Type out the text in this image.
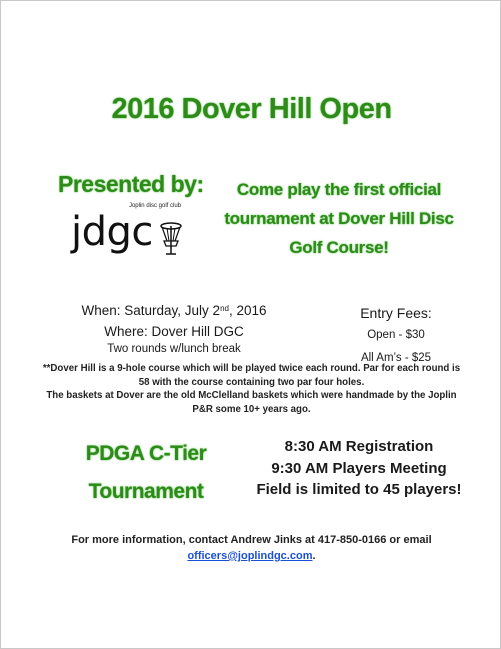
2016 Dover Hill Open
Presented by:
Joplin disc golf club
jdgc
Come play the first official tournament at Dover Hill Disc Golf Course!
When: Saturday, July 2nd, 2016
Where: Dover Hill DGC
Two rounds w/lunch break
Entry Fees:
Open - $30
All Am’s - $25
**Dover Hill is a 9-hole course which will be played twice each round. Par for each round is 58 with the course containing two par four holes.
The baskets at Dover are the old McClelland baskets which were handmade by the Joplin P&R some 10+ years ago.
PDGA C-Tier
Tournament
8:30 AM Registration
9:30 AM Players Meeting
Field is limited to 45 players!
For more information, contact Andrew Jinks at 417-850-0166 or email
officers@joplindgc.com.
